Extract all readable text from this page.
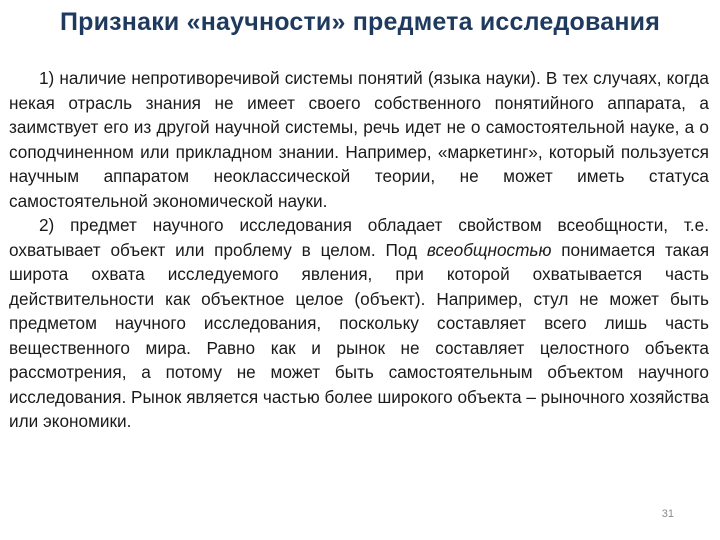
Признаки «научности» предмета исследования

1) наличие непротиворечивой системы понятий (языка науки). В тех случаях, когда некая отрасль знания не имеет своего собственного понятийного аппарата, а заимствует его из другой научной системы, речь идет не о самостоятельной науке, а о соподчиненном или прикладном знании. Например, «маркетинг», который пользуется научным аппаратом неоклассической теории, не может иметь статуса самостоятельной экономической науки.

2) предмет научного исследования обладает свойством всеобщности, т.е. охватывает объект или проблему в целом. Под всеобщностью понимается такая широта охвата исследуемого явления, при которой охватывается часть действительности как объектное целое (объект). Например, стул не может быть предметом научного исследования, поскольку составляет всего лишь часть вещественного мира. Равно как и рынок не составляет целостного объекта рассмотрения, а потому не может быть самостоятельным объектом научного исследования. Рынок является частью более широкого объекта – рыночного хозяйства или экономики.

31
